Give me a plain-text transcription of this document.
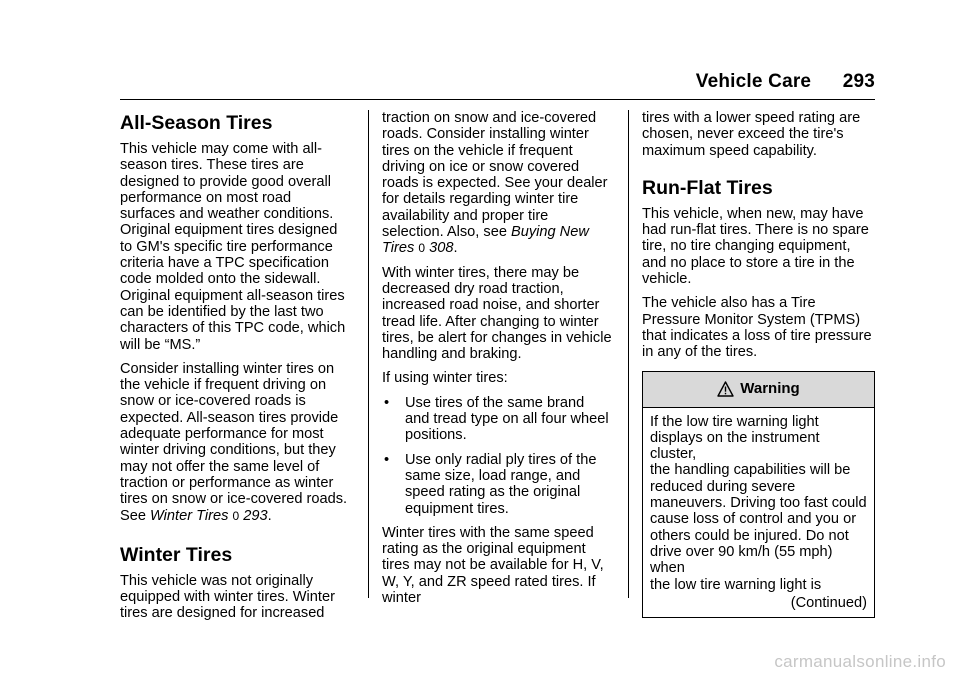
Vehicle Care 293
All-Season Tires

This vehicle may come with all-season tires. These tires are designed to provide good overall performance on most road surfaces and weather conditions. Original equipment tires designed to GM's specific tire performance criteria have a TPC specification code molded onto the sidewall. Original equipment all-season tires can be identified by the last two characters of this TPC code, which will be “MS.”

Consider installing winter tires on the vehicle if frequent driving on snow or ice-covered roads is expected. All-season tires provide adequate performance for most winter driving conditions, but they may not offer the same level of traction or performance as winter tires on snow or ice-covered roads. See Winter Tires 0 293.

Winter Tires

This vehicle was not originally equipped with winter tires. Winter tires are designed for increased

traction on snow and ice-covered roads. Consider installing winter tires on the vehicle if frequent driving on ice or snow covered roads is expected. See your dealer for details regarding winter tire availability and proper tire selection. Also, see Buying New Tires 0 308.

With winter tires, there may be decreased dry road traction, increased road noise, and shorter tread life. After changing to winter tires, be alert for changes in vehicle handling and braking.

If using winter tires:

• Use tires of the same brand and tread type on all four wheel positions.
• Use only radial ply tires of the same size, load range, and speed rating as the original equipment tires.

Winter tires with the same speed rating as the original equipment tires may not be available for H, V, W, Y, and ZR speed rated tires. If winter

tires with a lower speed rating are chosen, never exceed the tire's maximum speed capability.

Run-Flat Tires

This vehicle, when new, may have had run-flat tires. There is no spare tire, no tire changing equipment, and no place to store a tire in the vehicle.

The vehicle also has a Tire Pressure Monitor System (TPMS) that indicates a loss of tire pressure in any of the tires.

Warning
If the low tire warning light
displays on the instrument cluster,
the handling capabilities will be
reduced during severe
maneuvers. Driving too fast could
cause loss of control and you or
others could be injured. Do not
drive over 90 km/h (55 mph) when
the low tire warning light is
(Continued)
carmanualsonline.info
